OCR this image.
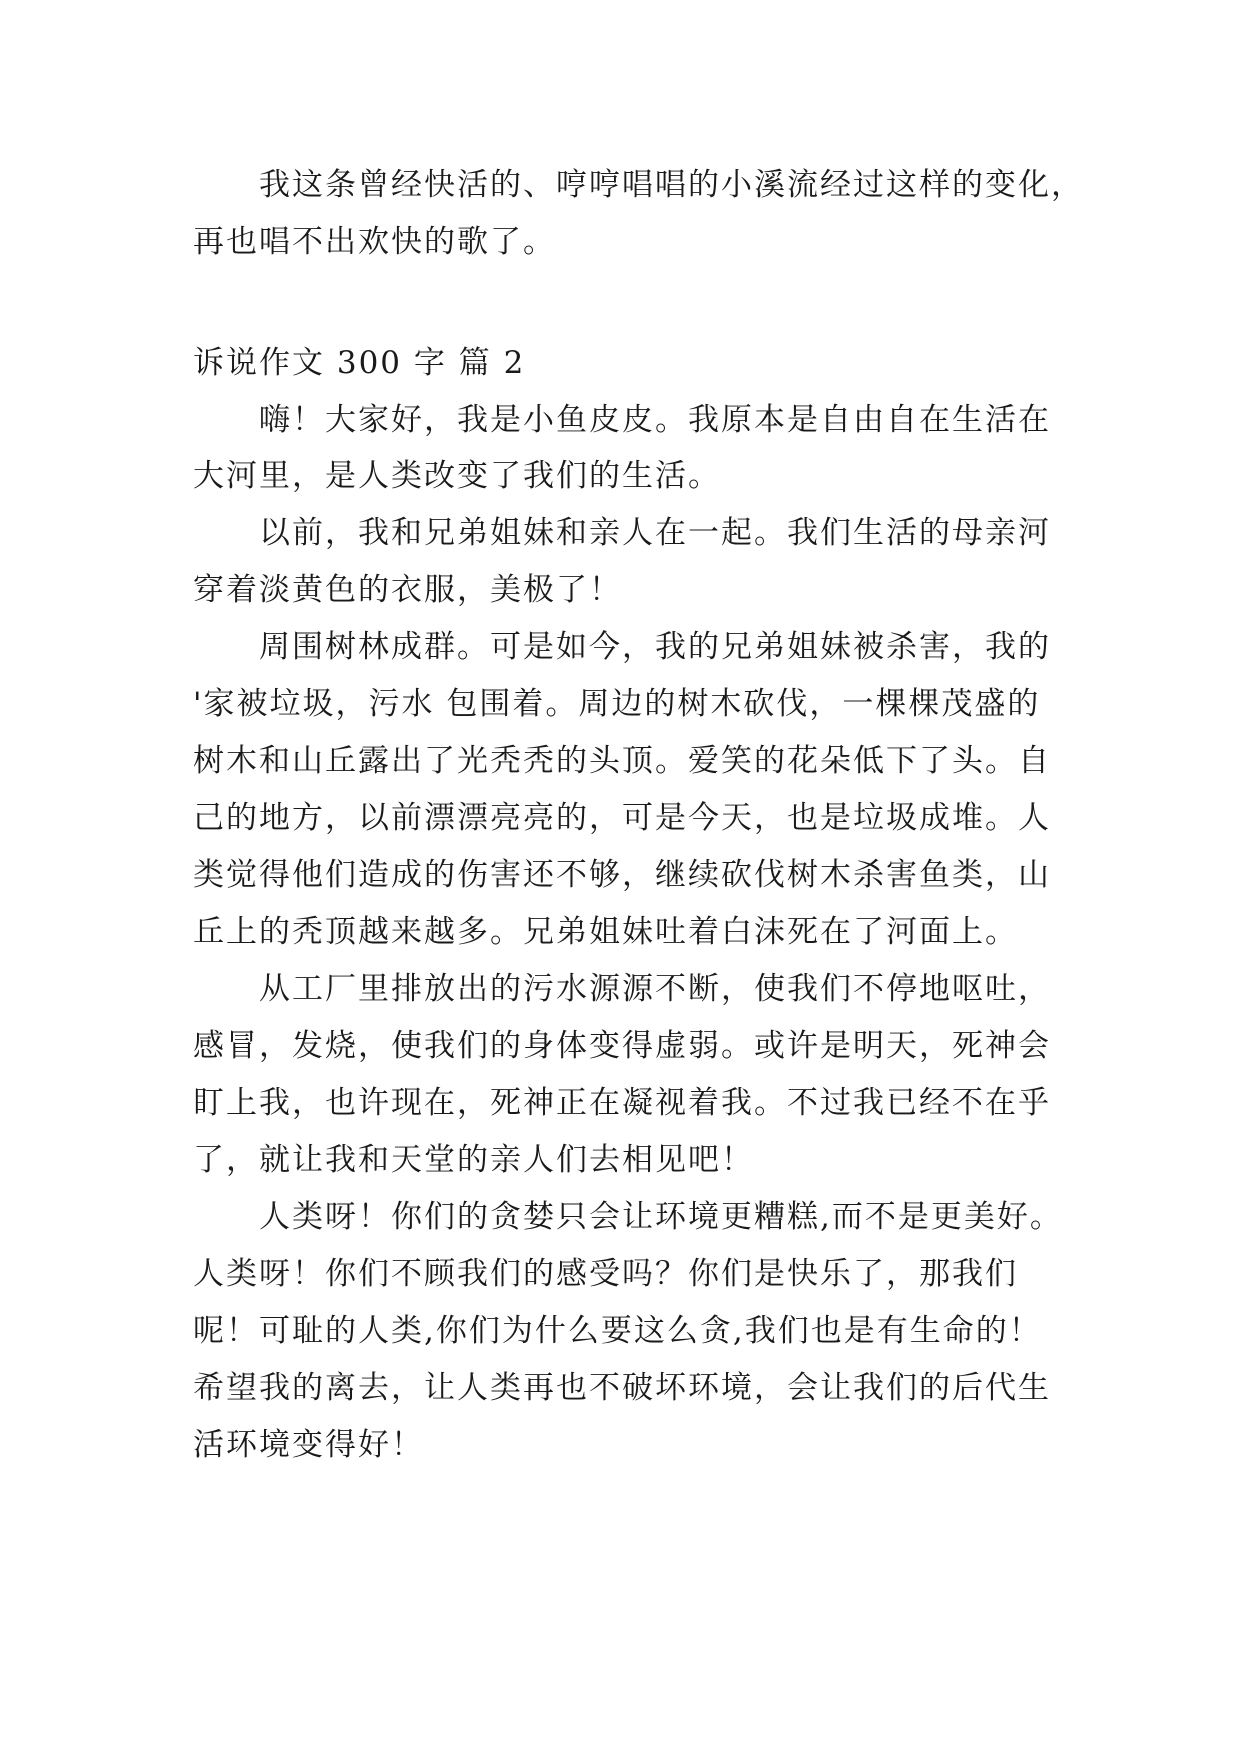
　　我这条曾经快活的、哼哼唱唱的小溪流经过这样的变化，
再也唱不出欢快的歌了。
诉说作文 300 字 篇 2
　　嗨！大家好，我是小鱼皮皮。我原本是自由自在生活在
大河里，是人类改变了我们的生活。
　　以前，我和兄弟姐妹和亲人在一起。我们生活的母亲河
穿着淡黄色的衣服，美极了！
　　周围树林成群。可是如今，我的兄弟姐妹被杀害，我的
'家被垃圾，污水 包围着。周边的树木砍伐，一棵棵茂盛的
树木和山丘露出了光秃秃的头顶。爱笑的花朵低下了头。自
己的地方，以前漂漂亮亮的，可是今天，也是垃圾成堆。人
类觉得他们造成的伤害还不够，继续砍伐树木杀害鱼类，山
丘上的秃顶越来越多。兄弟姐妹吐着白沫死在了河面上。
　　从工厂里排放出的污水源源不断，使我们不停地呕吐，
感冒，发烧，使我们的身体变得虚弱。或许是明天，死神会
盯上我，也许现在，死神正在凝视着我。不过我已经不在乎
了，就让我和天堂的亲人们去相见吧！
　　人类呀！你们的贪婪只会让环境更糟糕,而不是更美好。
人类呀！你们不顾我们的感受吗？你们是快乐了，那我们
呢！可耻的人类,你们为什么要这么贪,我们也是有生命的！
希望我的离去，让人类再也不破坏环境，会让我们的后代生
活环境变得好！
